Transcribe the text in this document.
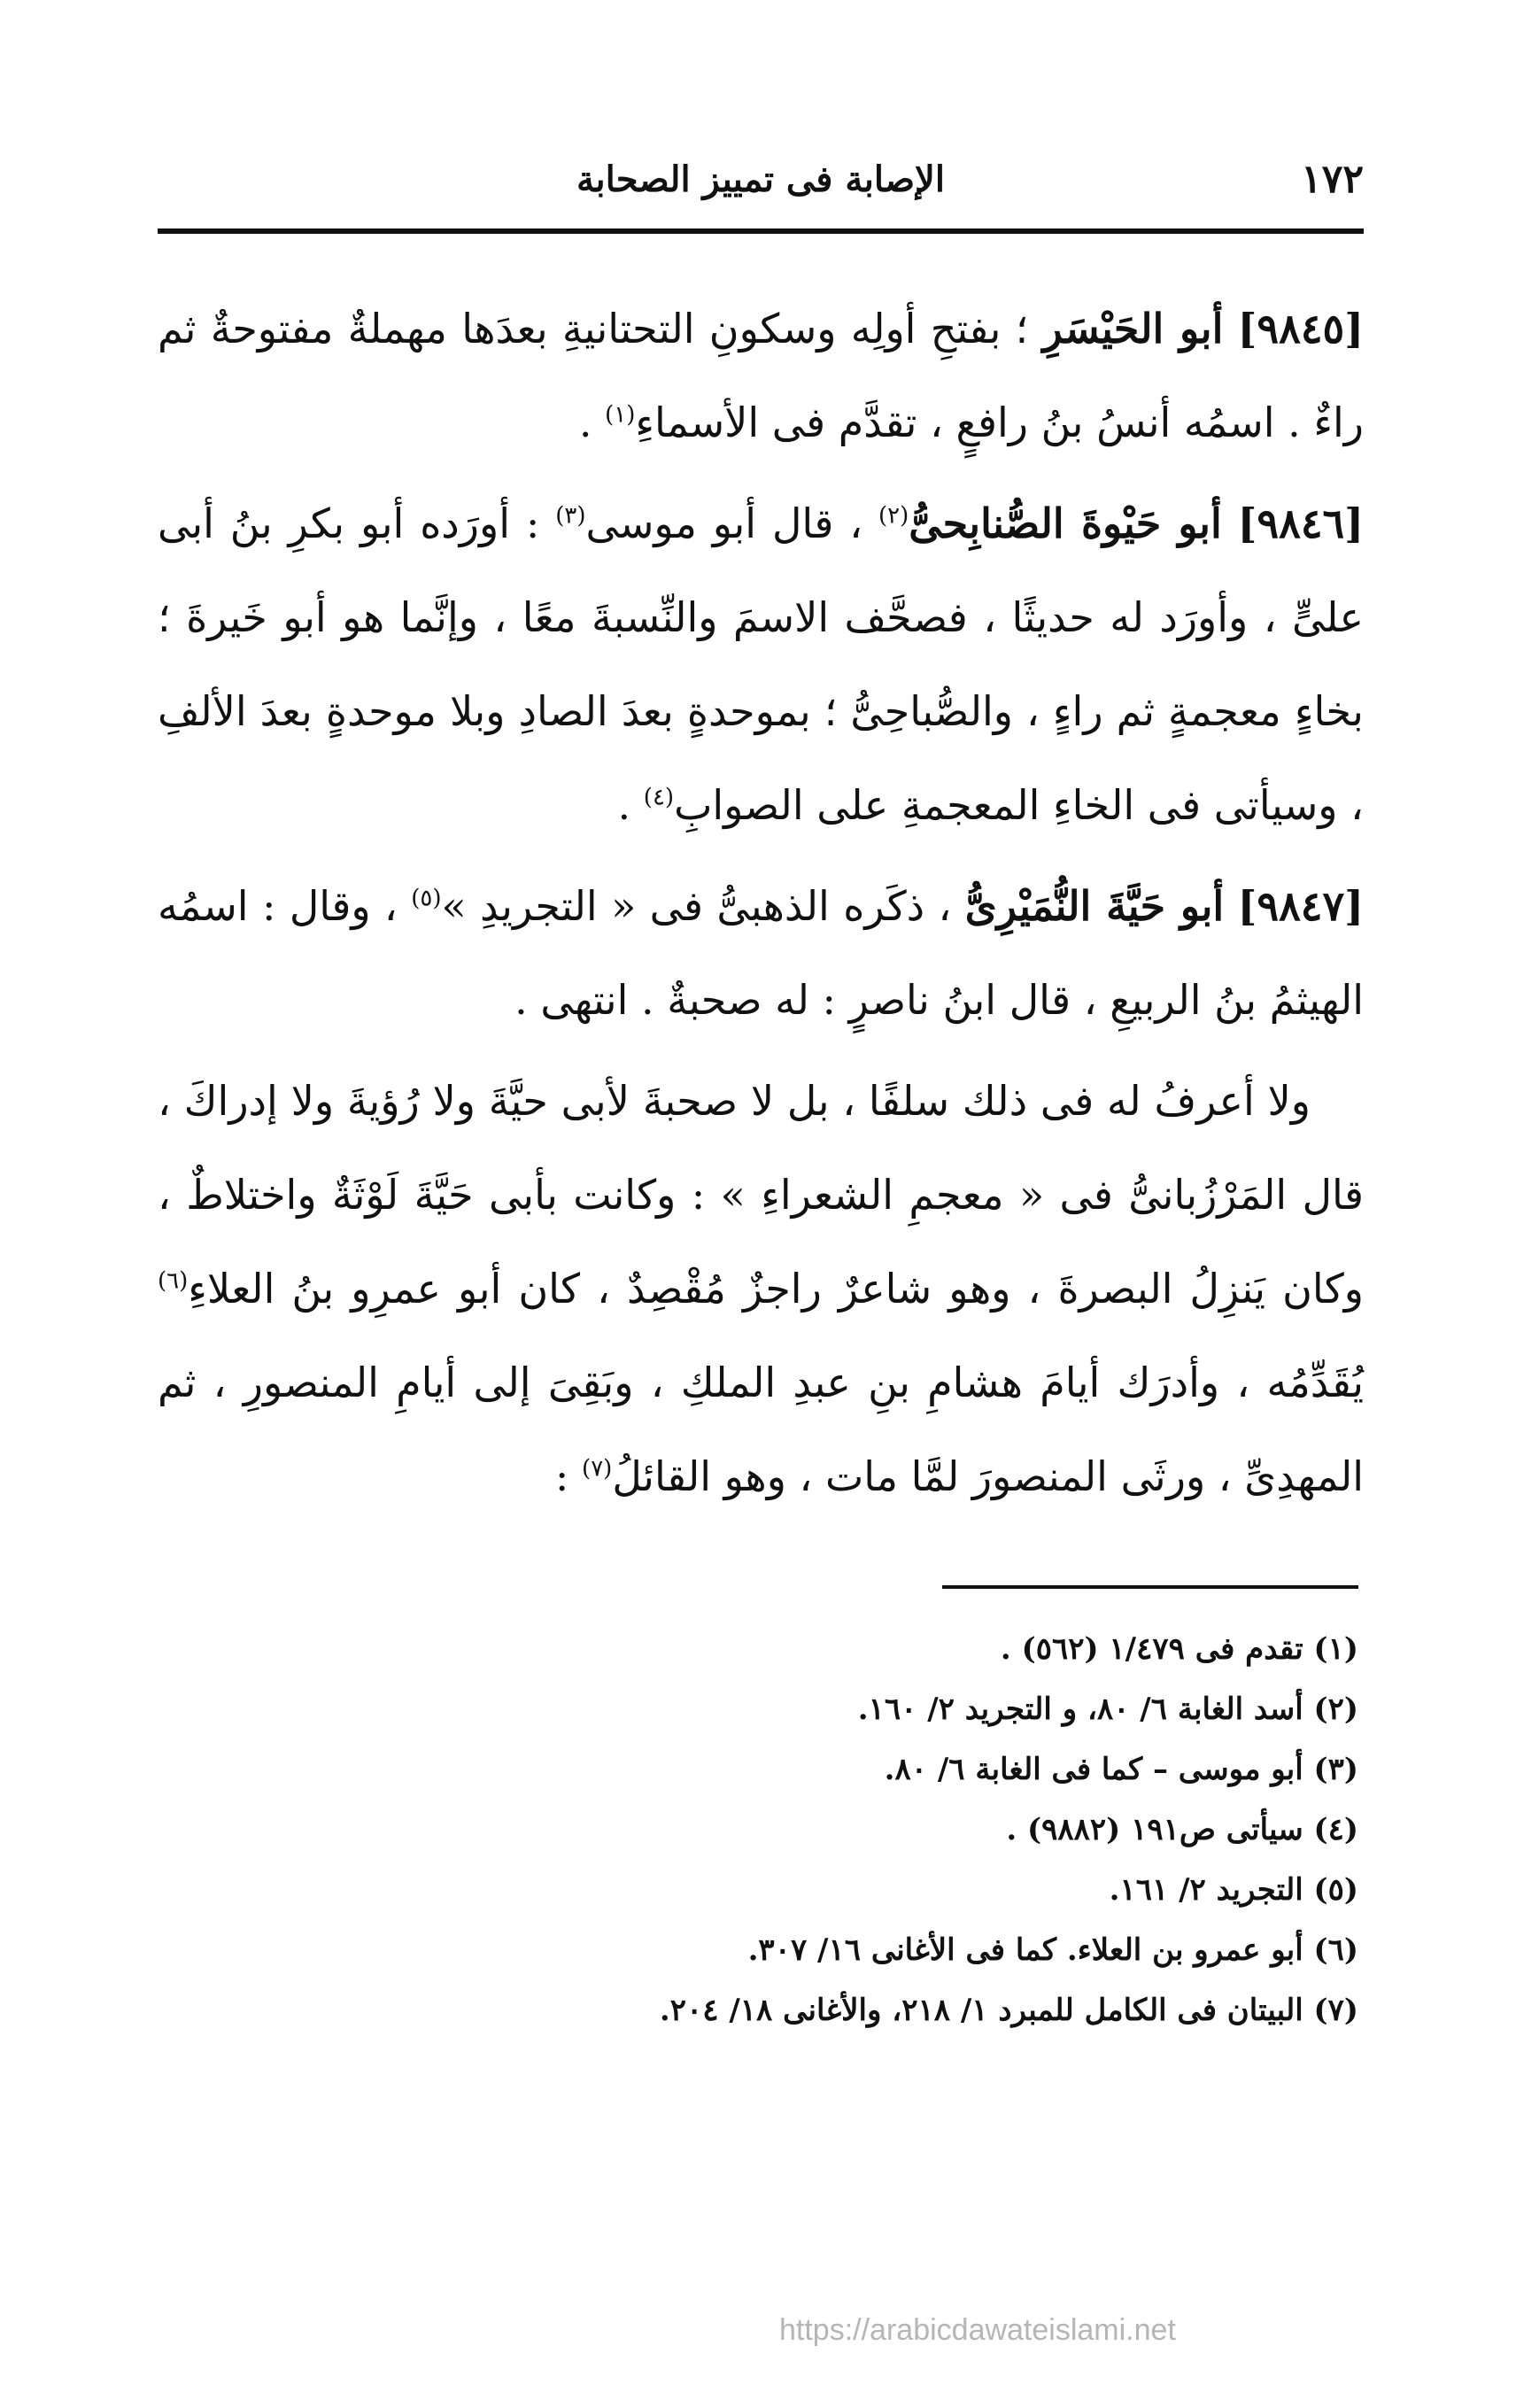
١٧٢
الإصابة فى تمييز الصحابة

[٩٨٤٥] أبو الحَيْسَرِ ؛ بفتحِ أولِه وسكونِ التحتانيةِ بعدَها مهملةٌ مفتوحةٌ ثم راءٌ . اسمُه أنسُ بنُ رافعٍ ، تقدَّم فى الأسماءِ$^{(١)}$ .

[٩٨٤٦] أبو حَيْوةَ الصُّنابِحىُّ$^{(٢)}$ ، قال أبو موسى$^{(٣)}$ : أورَده أبو بكرِ بنُ أبى علىٍّ ، وأورَد له حديثًا ، فصحَّف الاسمَ والنِّسبةَ معًا ، وإنَّما هو أبو خَيرةَ ؛ بخاءٍ معجمةٍ ثم راءٍ ، والصُّباحِىُّ ؛ بموحدةٍ بعدَ الصادِ وبلا موحدةٍ بعدَ الألفِ ، وسيأتى فى الخاءِ المعجمةِ على الصوابِ$^{(٤)}$ .

[٩٨٤٧] أبو حَيَّةَ النُّمَيْرِىُّ ، ذكَره الذهبىُّ فى « التجريدِ »$^{(٥)}$ ، وقال : اسمُه الهيثمُ بنُ الربيعِ ، قال ابنُ ناصرٍ : له صحبةٌ . انتهى .

ولا أعرفُ له فى ذلك سلفًا ، بل لا صحبةَ لأبى حيَّةَ ولا رُؤيةَ ولا إدراكَ ، قال المَرْزُبانىُّ فى « معجمِ الشعراءِ » : وكانت بأبى حَيَّةَ لَوْثَةٌ واختلاطٌ ، وكان يَنزِلُ البصرةَ ، وهو شاعرٌ راجزٌ مُقْصِدٌ ، كان أبو عمرِو بنُ العلاءِ$^{(٦)}$ يُقَدِّمُه ، وأدرَك أيامَ هشامِ بنِ عبدِ الملكِ ، وبَقِىَ إلى أيامِ المنصورِ ، ثم المهدِىِّ ، ورثَى المنصورَ لمَّا مات ، وهو القائلُ$^{(٧)}$ :

(١) تقدم فى ١/٤٧٩ (٥٦٢) .
(٢) أسد الغابة ٦/ ٨٠، و التجريد ٢/ ١٦٠.
(٣) أبو موسى – كما فى الغابة ٦/ ٨٠.
(٤) سيأتى ص١٩١ (٩٨٨٢) .
(٥) التجريد ٢/ ١٦١.
(٦) أبو عمرو بن العلاء. كما فى الأغانى ١٦/ ٣٠٧.
(٧) البيتان فى الكامل للمبرد ١/ ٢١٨، والأغانى ١٨/ ٢٠٤.
https://arabicdawateislami.net
